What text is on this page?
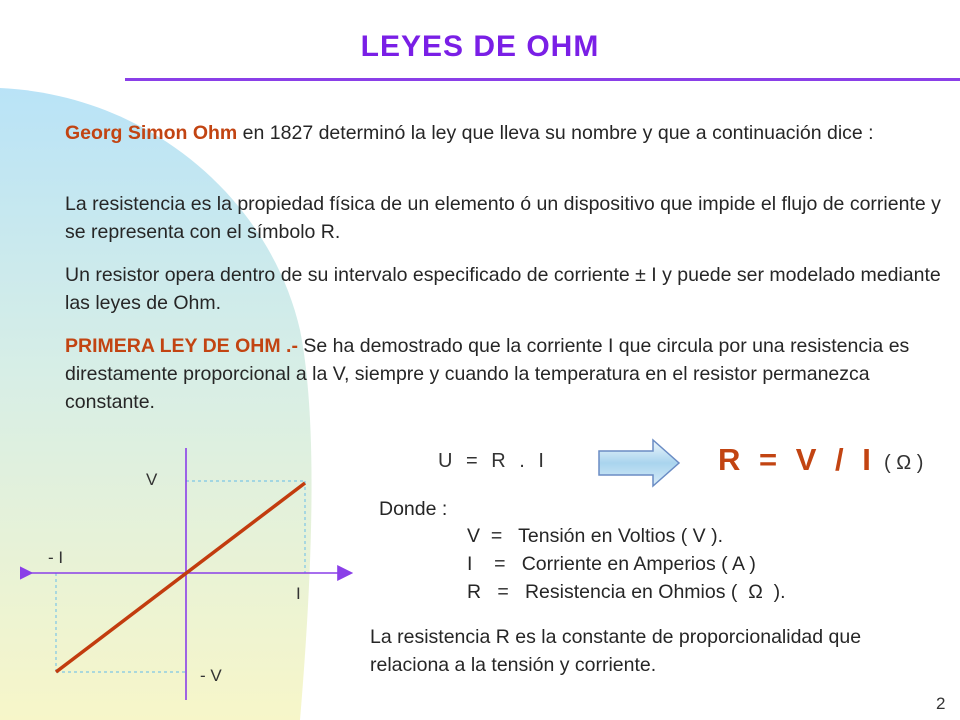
LEYES DE OHM
Georg Simon Ohm en 1827 determinó la ley que lleva su nombre y que a continuación dice :
La resistencia es la propiedad física de un elemento ó un dispositivo que impide el flujo de corriente y se representa con el símbolo R.
Un resistor opera dentro de su intervalo especificado de corriente ± I y puede ser modelado mediante las leyes de Ohm.
PRIMERA LEY DE OHM .- Se ha demostrado que la corriente I que circula por una resistencia es direstamente proporcional a la V, siempre y cuando la temperatura en el resistor permanezca constante.
V
- I
I
- V
U = R . I	R = V / I ( Ω )
Donde :
V  =   Tensión en Voltios ( V ).
I    =   Corriente en Amperios ( A )
R   =   Resistencia en Ohmios (  Ω  ).
La resistencia R es la constante de proporcionalidad que relaciona a la tensión y corriente.
2
